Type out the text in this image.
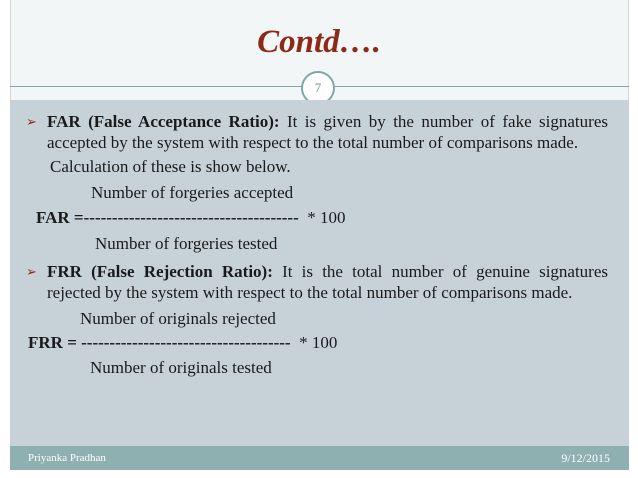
Contd….
7
➢ FAR (False Acceptance Ratio): It is given by the number of fake signatures
accepted by the system with respect to the total number of comparisons made.
Calculation of these is show below.
Number of forgeries accepted
FAR =-------------------------------------- * 100
Number of forgeries tested
➢ FRR (False Rejection Ratio): It is the total number of genuine signatures
rejected by the system with respect to the total number of comparisons made.
Number of originals rejected
FRR = ------------------------------------- * 100
Number of originals tested
Priyanka Pradhan	9/12/2015
